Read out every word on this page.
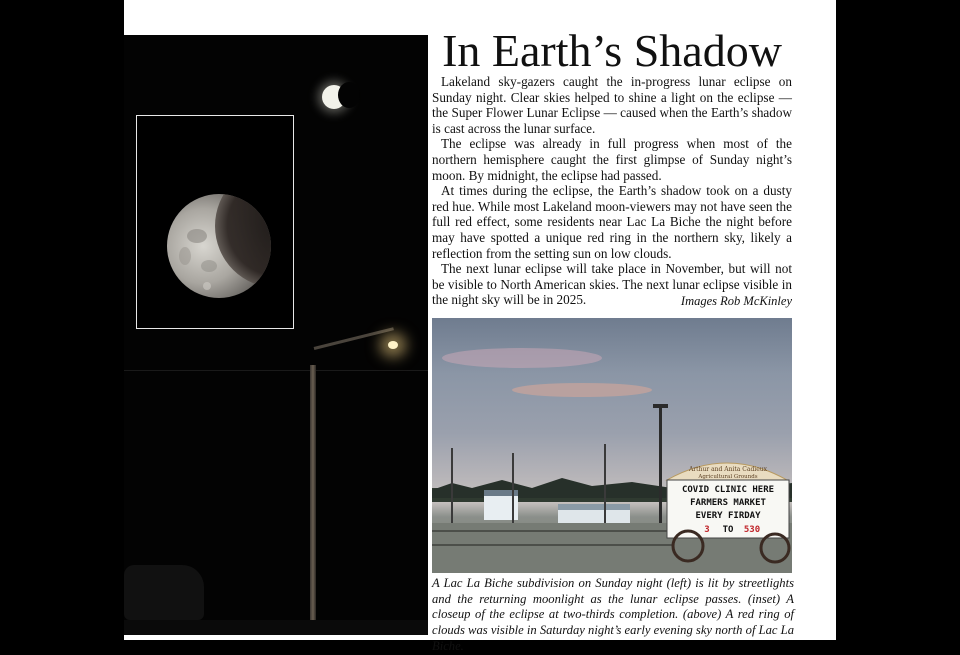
In Earth’s Shadow

Lakeland sky-gazers caught the in-progress lunar eclipse on Sunday night. Clear skies helped to shine a light on the eclipse — the Super Flower Lunar Eclipse — caused when the Earth’s shadow is cast across the lunar surface.

The eclipse was already in full progress when most of the northern hemisphere caught the first glimpse of Sunday night’s moon. By midnight, the eclipse had passed.

At times during the eclipse, the Earth’s shadow took on a dusty red hue. While most Lakeland moon-viewers may not have seen the full red effect, some residents near Lac La Biche the night before may have spotted a unique red ring in the northern sky, likely a reflection from the setting sun on low clouds.

The next lunar eclipse will take place in November, but will not be visible to North American skies. The next lunar eclipse visible in the night sky will be in 2025.	Images Rob McKinley
Arthur and Anita Cadieux
Agricultural Grounds
COVID CLINIC HERE
FARMERS MARKET
EVERY FIRDAY
3 TO 530
A Lac La Biche subdivision on Sunday night (left) is lit by streetlights and the returning moonlight as the lunar eclipse passes. (inset) A closeup of the eclipse at two-thirds completion. (above) A red ring of clouds was visible in Saturday night’s early evening sky north of Lac La Biche.
